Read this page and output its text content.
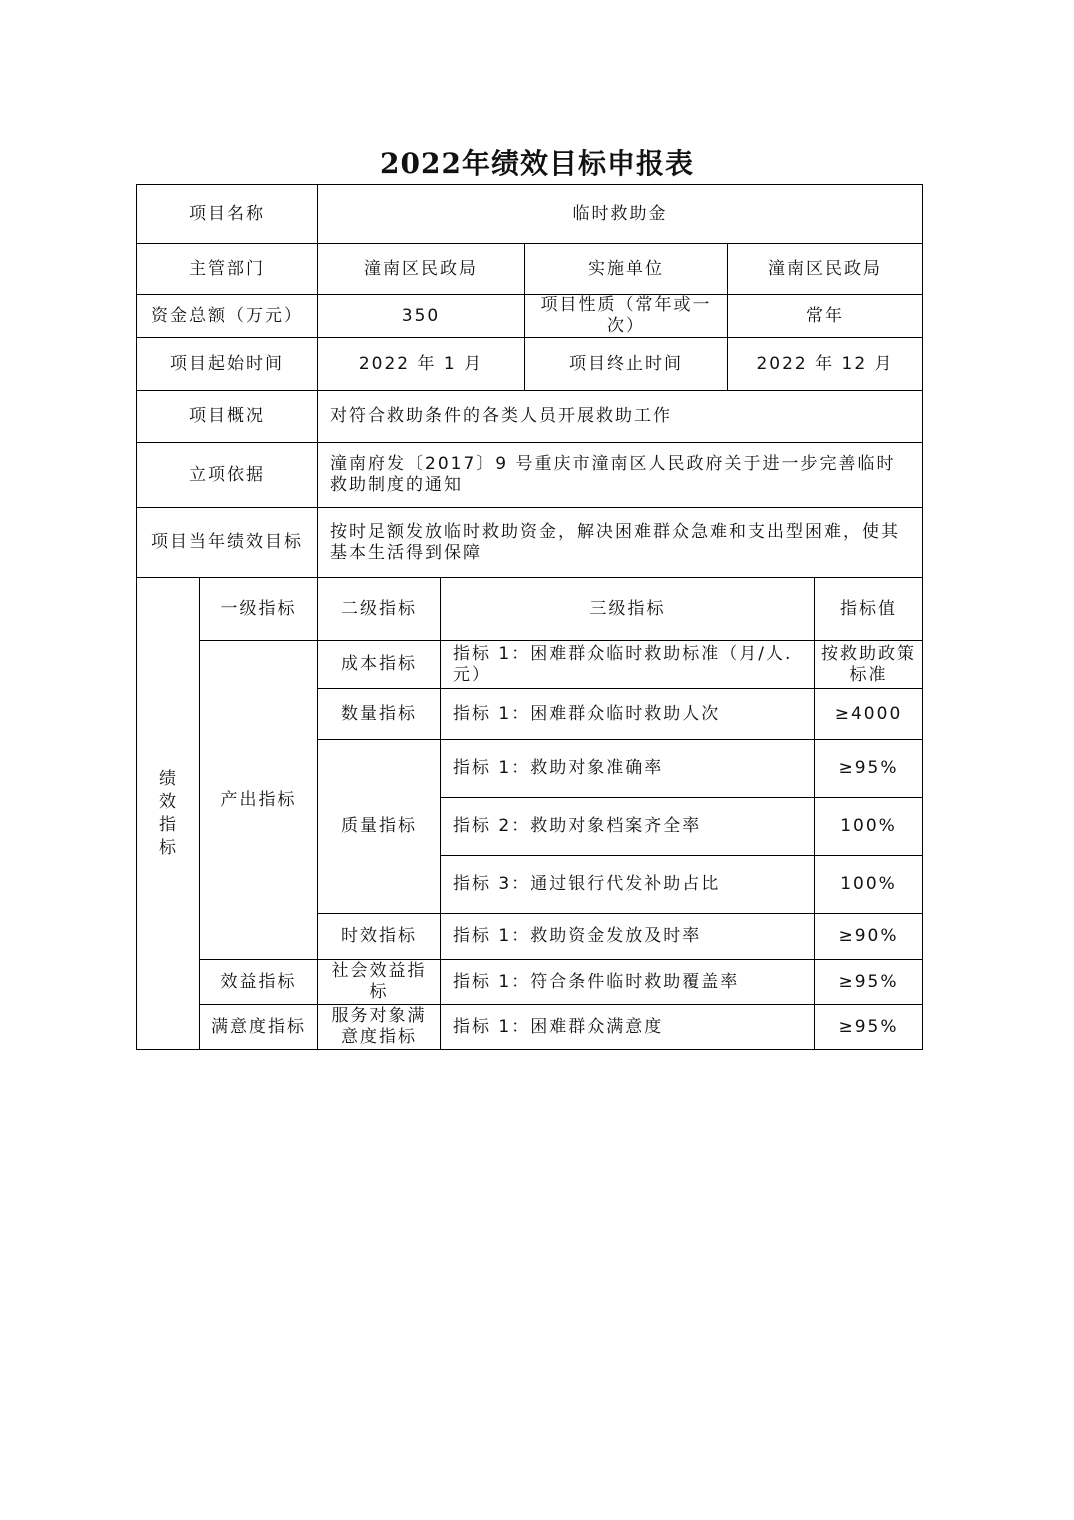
2022年绩效目标申报表
项目名称		临时救助金				
主管部门		潼南区民政局		实施单位	潼南区民政局	
资金总额（万元）		350		项目性质（常年或一次）	常年	
项目起始时间		2022 年 1 月		项目终止时间	2022 年 12 月	
项目概况		对符合救助条件的各类人员开展救助工作				
立项依据		潼南府发〔2017〕9 号重庆市潼南区人民政府关于进一步完善临时救助制度的通知				
项目当年绩效目标		按时足额发放临时救助资金，解决困难群众急难和支出型困难，使其基本生活得到保障				
绩效指标	一级指标	二级指标	三级指标			指标值
	产出指标	成本指标	指标 1：困难群众临时救助标准（月/人.元）			按救助政策标准
		数量指标	指标 1：困难群众临时救助人次			≥4000
		质量指标	指标 1：救助对象准确率			≥95%
			指标 2：救助对象档案齐全率			100%
			指标 3：通过银行代发补助占比			100%
		时效指标	指标 1：救助资金发放及时率			≥90%
	效益指标	社会效益指标	指标 1：符合条件临时救助覆盖率			≥95%
	满意度指标	服务对象满意度指标	指标 1：困难群众满意度			≥95%
